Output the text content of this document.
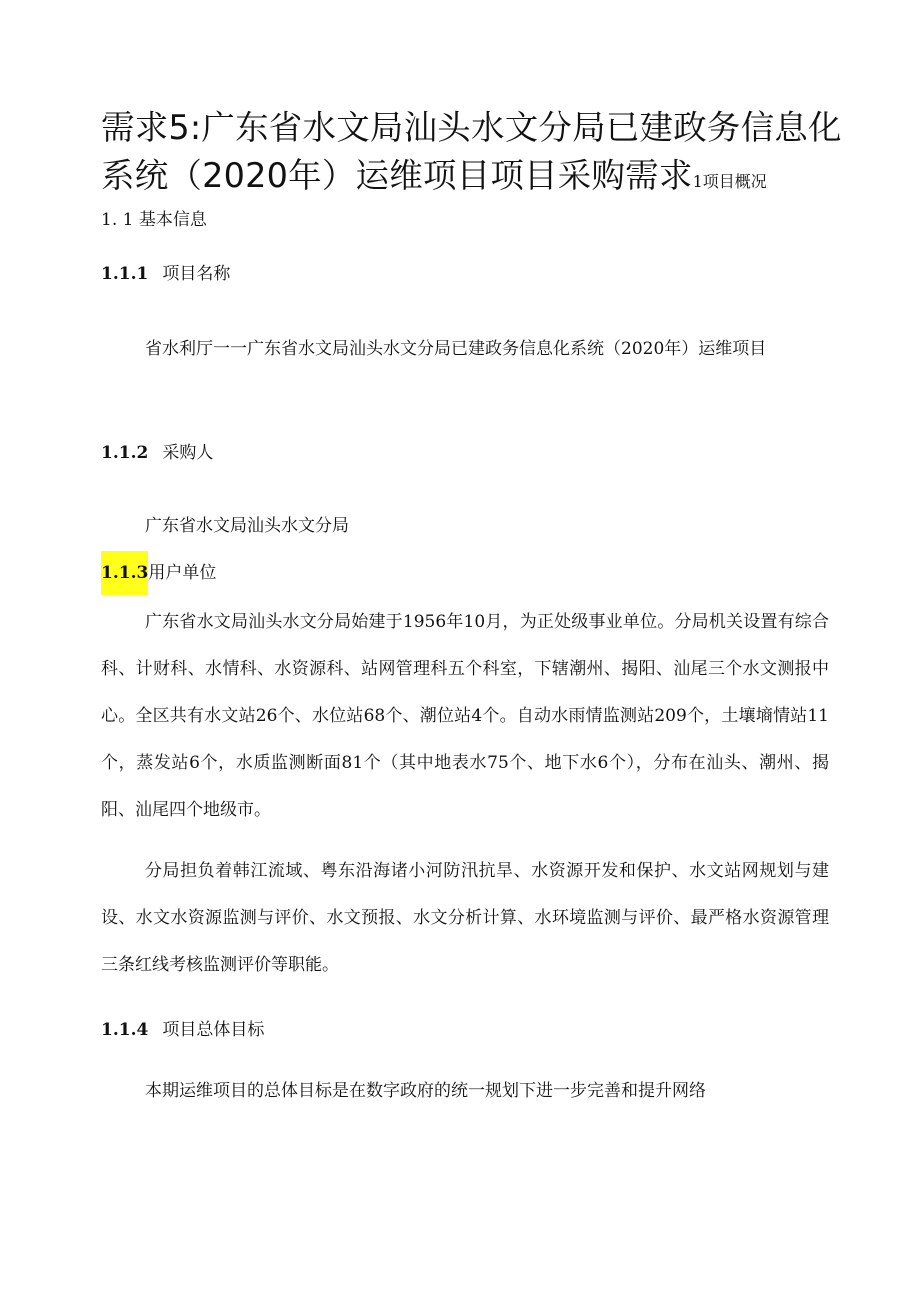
需求5:广东省水文局汕头水文分局已建政务信息化系统（2020年）运维项目项目采购需求1项目概况
1. 1 基本信息
1.1.1 项目名称

省水利厅一一广东省水文局汕头水文分局已建政务信息化系统（2020年）运维项目

1.1.2 采购人

广东省水文局汕头水文分局

1.1.3用户单位

广东省水文局汕头水文分局始建于1956年10月，为正处级事业单位。分局机关设置有综合科、计财科、水情科、水资源科、站网管理科五个科室，下辖潮州、揭阳、汕尾三个水文测报中心。全区共有水文站26个、水位站68个、潮位站4个。自动水雨情监测站209个，土壤墒情站11个，蒸发站6个，水质监测断面81个（其中地表水75个、地下水6个），分布在汕头、潮州、揭阳、汕尾四个地级市。

分局担负着韩江流域、粤东沿海诸小河防汛抗旱、水资源开发和保护、水文站网规划与建设、水文水资源监测与评价、水文预报、水文分析计算、水环境监测与评价、最严格水资源管理三条红线考核监测评价等职能。

1.1.4 项目总体目标

本期运维项目的总体目标是在数字政府的统一规划下进一步完善和提升网络
